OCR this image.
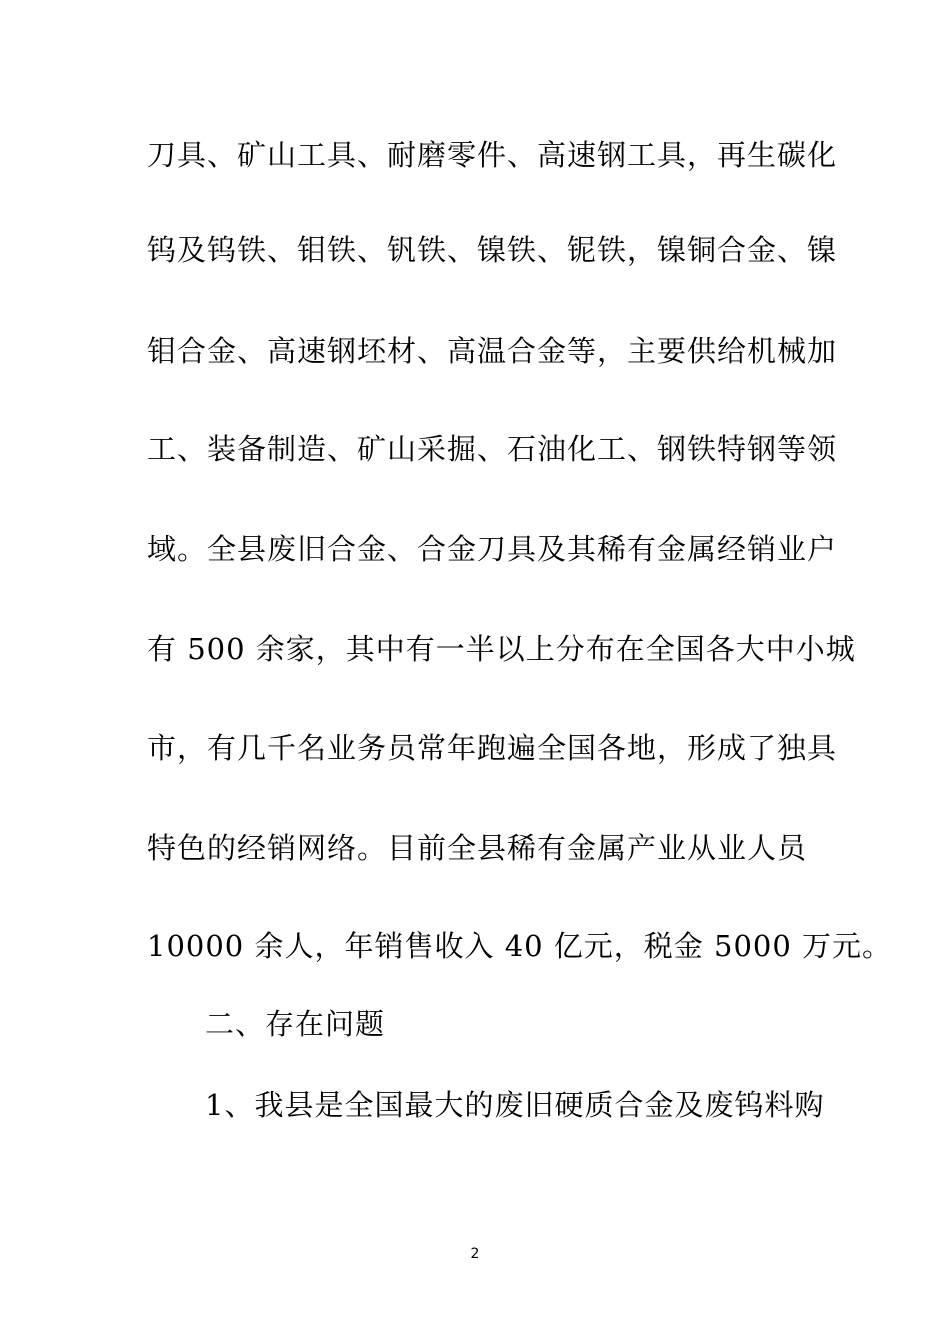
刀具、矿山工具、耐磨零件、高速钢工具，再生碳化
钨及钨铁、钼铁、钒铁、镍铁、铌铁，镍铜合金、镍
钼合金、高速钢坯材、高温合金等，主要供给机械加
工、装备制造、矿山采掘、石油化工、钢铁特钢等领
域。全县废旧合金、合金刀具及其稀有金属经销业户
有 500 余家，其中有一半以上分布在全国各大中小城
市，有几千名业务员常年跑遍全国各地，形成了独具
特色的经销网络。目前全县稀有金属产业从业人员
10000 余人，年销售收入 40 亿元，税金 5000 万元。
二、存在问题
1、我县是全国最大的废旧硬质合金及废钨料购
2
